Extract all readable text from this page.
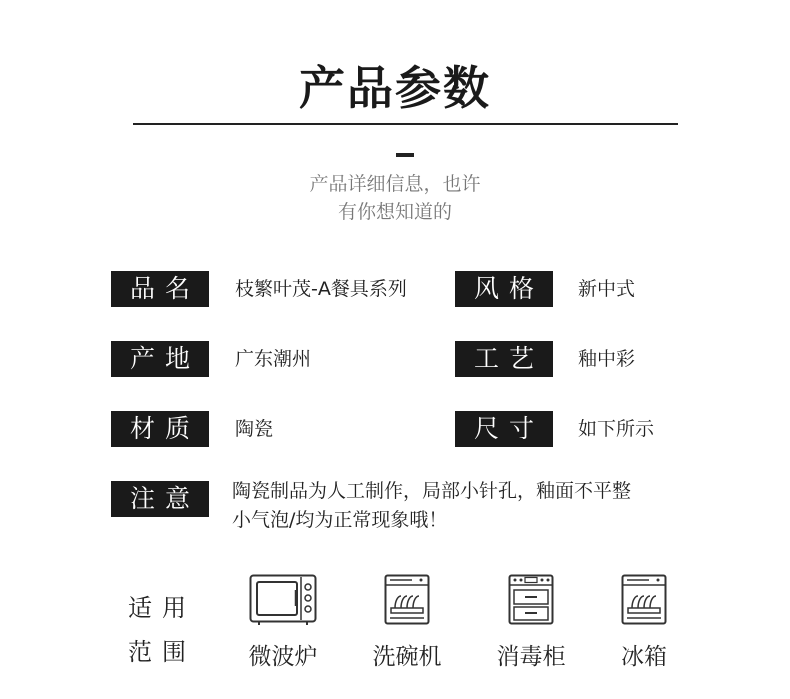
产品参数
产品详细信息，也许
有你想知道的
品名	枝繁叶茂-A餐具系列	风格	新中式
产地	广东潮州	工艺	釉中彩
材质	陶瓷	尺寸	如下所示
注意	陶瓷制品为人工制作，局部小针孔，釉面不平整
小气泡/均为正常现象哦！
适用
范围	微波炉	洗碗机	消毒柜	冰箱
